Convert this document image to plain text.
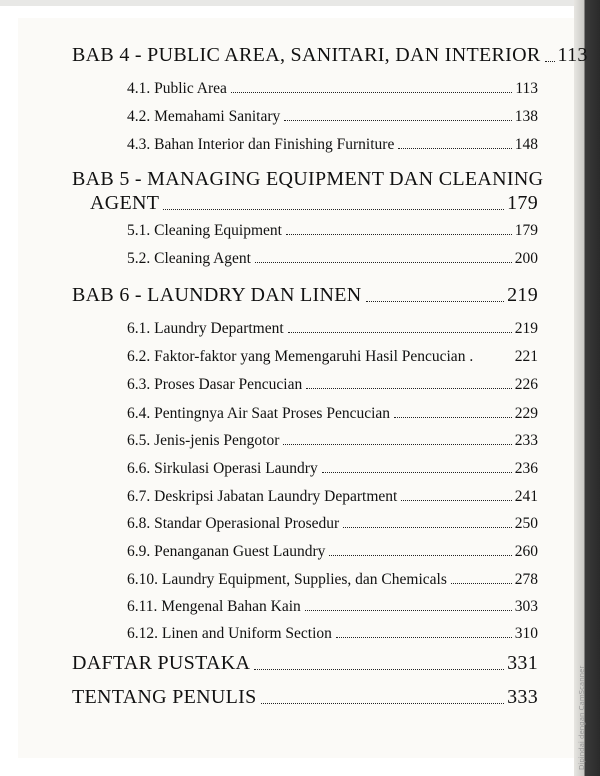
BAB 4 - PUBLIC AREA, SANITARI, DAN INTERIOR 113
4.1. Public Area	113
4.2. Memahami Sanitary	138
4.3. Bahan Interior dan Finishing Furniture	148
BAB 5 - MANAGING EQUIPMENT DAN CLEANING
AGENT	179
5.1. Cleaning Equipment	179
5.2. Cleaning Agent	200
BAB 6 - LAUNDRY DAN LINEN	219
6.1. Laundry Department	219
6.2. Faktor-faktor yang Memengaruhi Hasil Pencucian .	221
6.3. Proses Dasar Pencucian	226
6.4. Pentingnya Air Saat Proses Pencucian	229
6.5. Jenis-jenis Pengotor	233
6.6. Sirkulasi Operasi Laundry	236
6.7. Deskripsi Jabatan Laundry Department	241
6.8. Standar Operasional Prosedur	250
6.9. Penanganan Guest Laundry	260
6.10. Laundry Equipment, Supplies, dan Chemicals	278
6.11. Mengenal Bahan Kain	303
6.12. Linen and Uniform Section	310
DAFTAR PUSTAKA	331
TENTANG PENULIS	333	Dipindai dengan CamScanner
